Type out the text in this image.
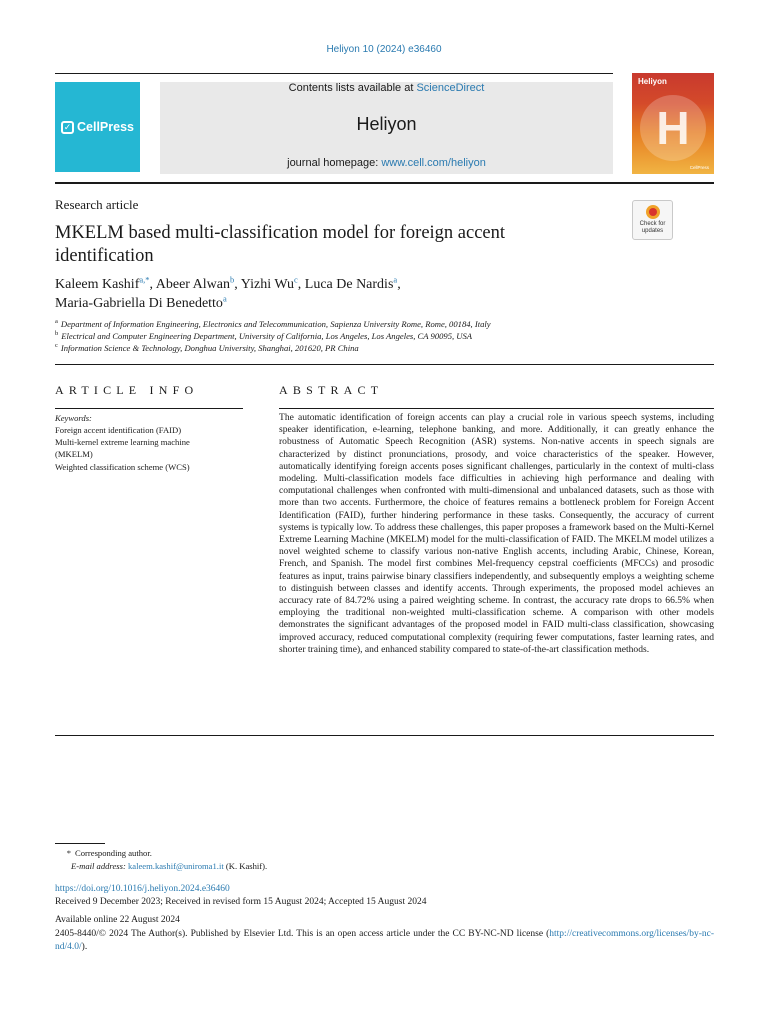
Heliyon 10 (2024) e36460
✓ CellPress
Contents lists available at ScienceDirect
Heliyon
journal homepage: www.cell.com/heliyon
Heliyon
H
CellPress
Research article
MKELM based multi-classification model for foreign accent identification
Check for
updates
Kaleem Kashif$^{a,*}$, Abeer Alwan$^b$, Yizhi Wu$^c$, Luca De Nardis$^a$,
Maria-Gabriella Di Benedetto$^a$
$^a$ Department of Information Engineering, Electronics and Telecommunication, Sapienza University Rome, Rome, 00184, Italy
$^b$ Electrical and Computer Engineering Department, University of California, Los Angeles, Los Angeles, CA 90095, USA
$^c$ Information Science & Technology, Donghua University, Shanghai, 201620, PR China
ARTICLE INFO
Keywords:
Foreign accent identification (FAID)
Multi-kernel extreme learning machine
(MKELM)
Weighted classification scheme (WCS)
ABSTRACT
The automatic identification of foreign accents can play a crucial role in various speech systems, including speaker identification, e-learning, telephone banking, and more. Additionally, it can greatly enhance the robustness of Automatic Speech Recognition (ASR) systems. Non-native accents in speech signals are characterized by distinct pronunciations, prosody, and voice characteristics of the speaker. However, automatically identifying foreign accents poses significant challenges, particularly in the context of multi-class modeling. Multi-classification models face difficulties in achieving high performance and dealing with computational challenges when confronted with multi-dimensional and unbalanced datasets, such as those with more than two accents. Furthermore, the choice of features remains a bottleneck problem for Foreign Accent Identification (FAID), further hindering performance in these tasks. Consequently, the accuracy of current systems is typically low. To address these challenges, this paper proposes a framework based on the Multi-Kernel Extreme Learning Machine (MKELM) model for the multi-classification of FAID. The MKELM model utilizes a novel weighted scheme to classify various non-native English accents, including Arabic, Chinese, Korean, French, and Spanish. The model first combines Mel-frequency cepstral coefficients (MFCCs) and prosodic features as input, trains pairwise binary classifiers independently, and subsequently employs a weighting scheme to distinguish between classes and identify accents. Through experiments, the proposed model achieves an accuracy rate of 84.72% using a paired weighting scheme. In contrast, the accuracy rate drops to 66.5% when employing the traditional non-weighted multi-classification scheme. A comparison with other models demonstrates the significant advantages of the proposed model in FAID multi-class classification, showcasing improved accuracy, reduced computational complexity (requiring fewer computations, faster learning rates, and shorter training time), and enhanced stability compared to state-of-the-art classification methods.
* Corresponding author.
E-mail address: kaleem.kashif@uniroma1.it (K. Kashif).
https://doi.org/10.1016/j.heliyon.2024.e36460
Received 9 December 2023; Received in revised form 15 August 2024; Accepted 15 August 2024
Available online 22 August 2024
2405-8440/© 2024 The Author(s). Published by Elsevier Ltd. This is an open access article under the CC BY-NC-ND license (http://creativecommons.org/licenses/by-nc-nd/4.0/).
